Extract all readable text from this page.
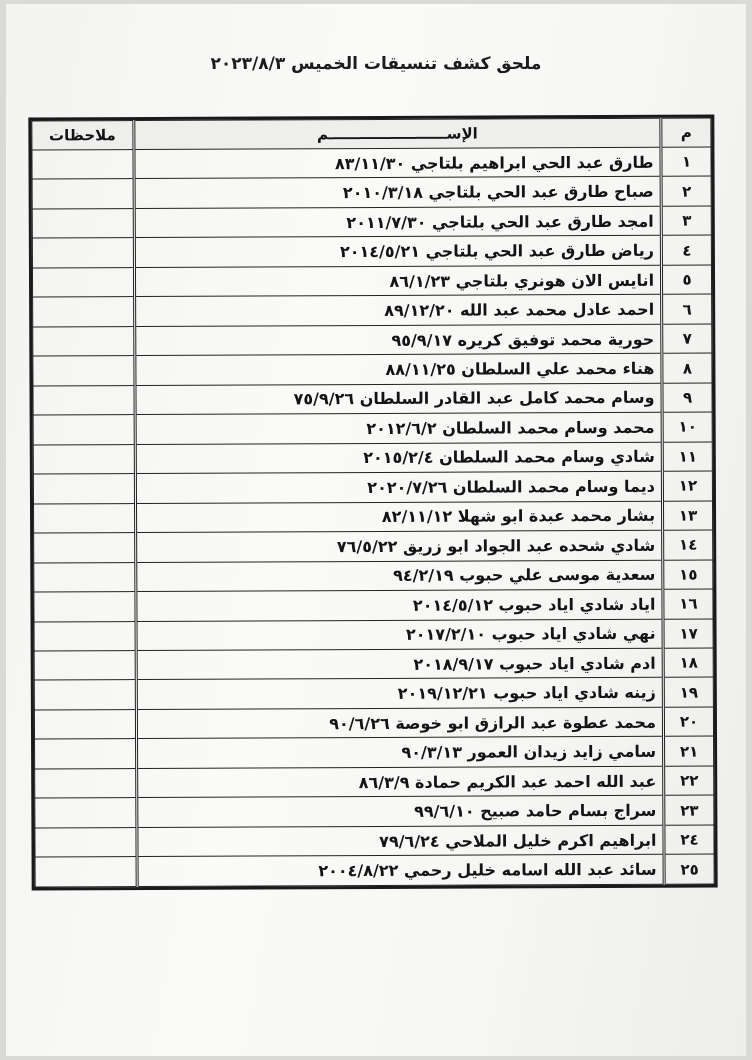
ملحق كشف تنسيقات الخميس ٢٠٢٣/٨/٣
م	الإســـــــــــــــــــــــم	ملاحظات
١	طارق عبد الحي ابراهيم بلتاجي ٨٣/١١/٣٠	
٢	صباح طارق عبد الحي بلتاجي ٢٠١٠/٣/١٨	
٣	امجد طارق عبد الحي بلتاجي ٢٠١١/٧/٣٠	
٤	رياض طارق عبد الحي بلتاجي ٢٠١٤/٥/٢١	
٥	انايس الان هونري بلتاجي ٨٦/١/٢٣	
٦	احمد عادل محمد عبد الله ٨٩/١٢/٢٠	
٧	حورية محمد توفيق كريره ٩٥/٩/١٧	
٨	هناء محمد علي السلطان ٨٨/١١/٢٥	
٩	وسام محمد كامل عبد القادر السلطان ٧٥/٩/٢٦	
١٠	محمد وسام محمد السلطان ٢٠١٢/٦/٢	
١١	شادي وسام محمد السلطان ٢٠١٥/٢/٤	
١٢	ديما وسام محمد السلطان ٢٠٢٠/٧/٢٦	
١٣	بشار محمد عبدة ابو شهلا ٨٢/١١/١٢	
١٤	شادي شحده عبد الجواد ابو زريق ٧٦/٥/٢٢	
١٥	سعدية موسى علي حبوب ٩٤/٢/١٩	
١٦	اياد شادي اياد حبوب ٢٠١٤/٥/١٢	
١٧	نهي شادي اياد حبوب ٢٠١٧/٢/١٠	
١٨	ادم شادي اياد حبوب ٢٠١٨/٩/١٧	
١٩	زينه شادي اياد حبوب ٢٠١٩/١٢/٢١	
٢٠	محمد عطوة عبد الرازق ابو خوصة ٩٠/٦/٢٦	
٢١	سامي زايد زيدان العمور ٩٠/٣/١٣	
٢٢	عبد الله احمد عبد الكريم حمادة ٨٦/٣/٩	
٢٣	سراج بسام حامد صبيح ٩٩/٦/١٠	
٢٤	ابراهيم اكرم خليل الملاحي ٧٩/٦/٢٤	
٢٥	سائد عبد الله اسامه خليل رحمي ٢٠٠٤/٨/٢٢	
